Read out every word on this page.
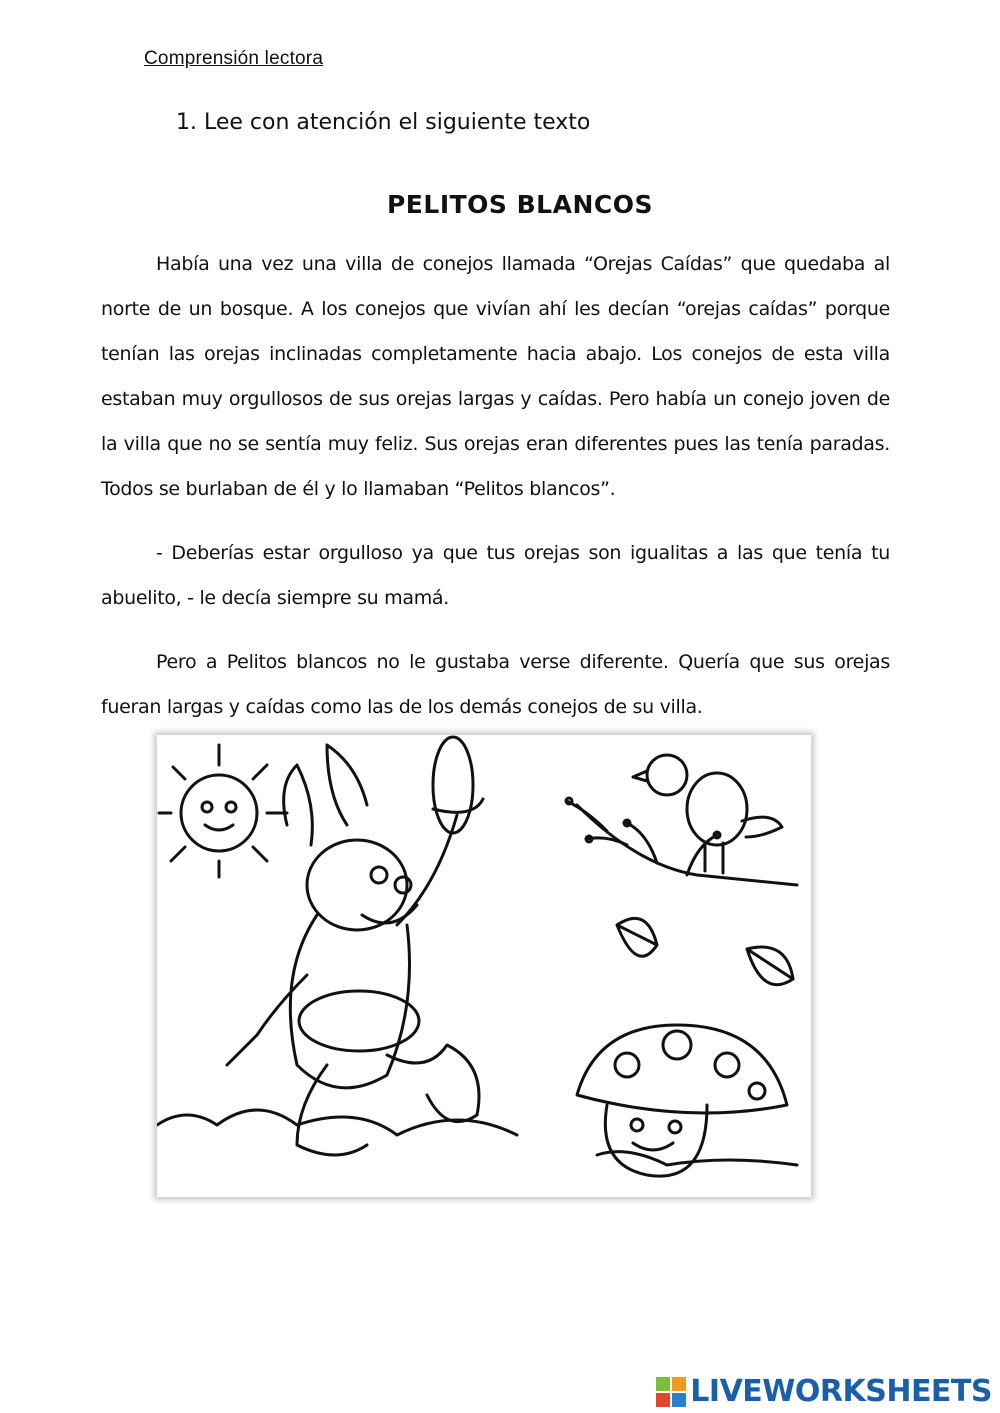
Comprensión lectora
1. Lee con atención el siguiente texto
PELITOS BLANCOS

Había una vez una villa de conejos llamada “Orejas Caídas” que quedaba al norte de un bosque. A los conejos que vivían ahí les decían “orejas caídas” porque tenían las orejas inclinadas completamente hacia abajo. Los conejos de esta villa estaban muy orgullosos de sus orejas largas y caídas. Pero había un conejo joven de la villa que no se sentía muy feliz. Sus orejas eran diferentes pues las tenía paradas. Todos se burlaban de él y lo llamaban “Pelitos blancos”.

- Deberías estar orgulloso ya que tus orejas son igualitas a las que tenía tu abuelito, - le decía siempre su mamá.

Pero a Pelitos blancos no le gustaba verse diferente. Quería que sus orejas fueran largas y caídas como las de los demás conejos de su villa.

LIVEWORKSHEETS
